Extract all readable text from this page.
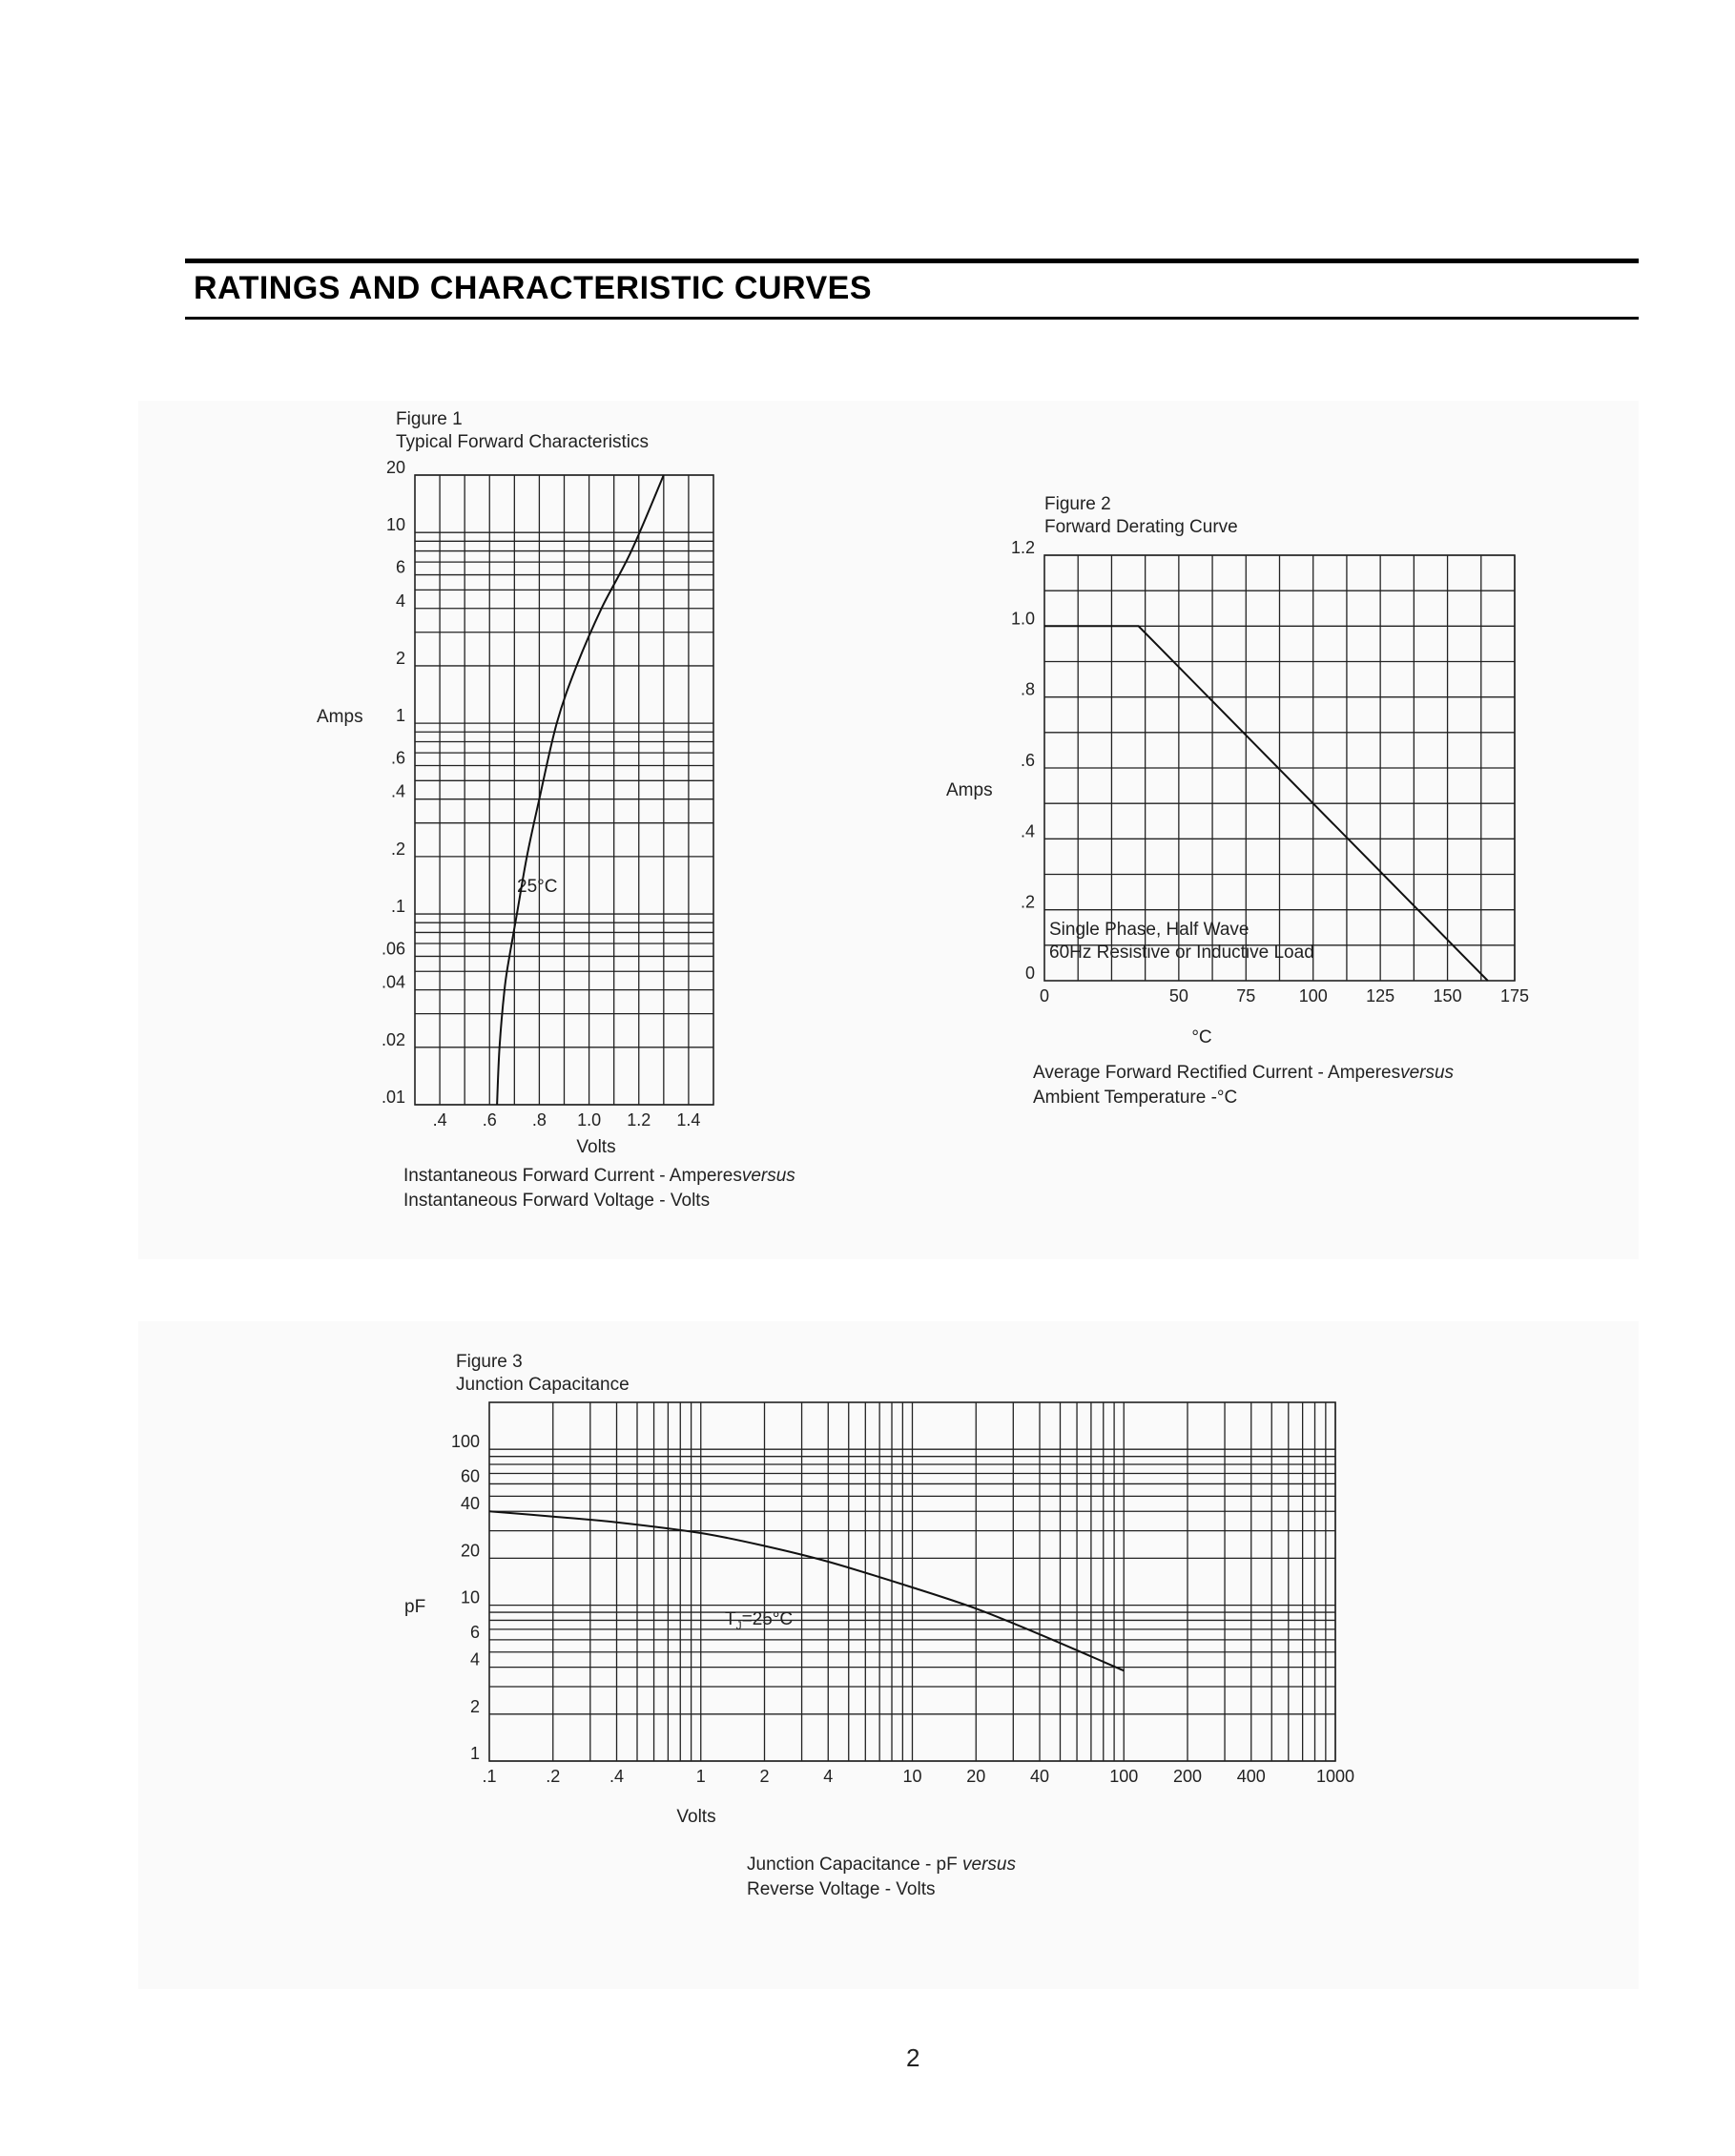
RATINGS AND CHARACTERISTIC CURVES
Figure 1
Typical Forward Characteristics
Amps
Volts
25°C
Instantaneous Forward Current - Amperesversus
Instantaneous Forward Voltage - Volts
.4 .6 .8 1.0 1.2 1.4
.01
.02
.04
.06
.1
.2
.4
.6
1
2
4
6
10
20
Figure 2
Forward Derating Curve
Amps
°C
Single Phase, Half Wave
60Hz Resistive or Inductive Load
Average Forward Rectified Current - Amperesversus
Ambient Temperature -°C
0	50	75	100 125 150 175
0
.2
.4
.6
.8
1.0
1.2
Figure 3
Junction Capacitance
pF
Volts
$T_J=25^\circ C$
Junction Capacitance - pF versus
Reverse Voltage - Volts
.1	.2	.4	1	2	4	10	20	40	100 200 400	1000
1
2
4
6
10
20
40
60
100
2
